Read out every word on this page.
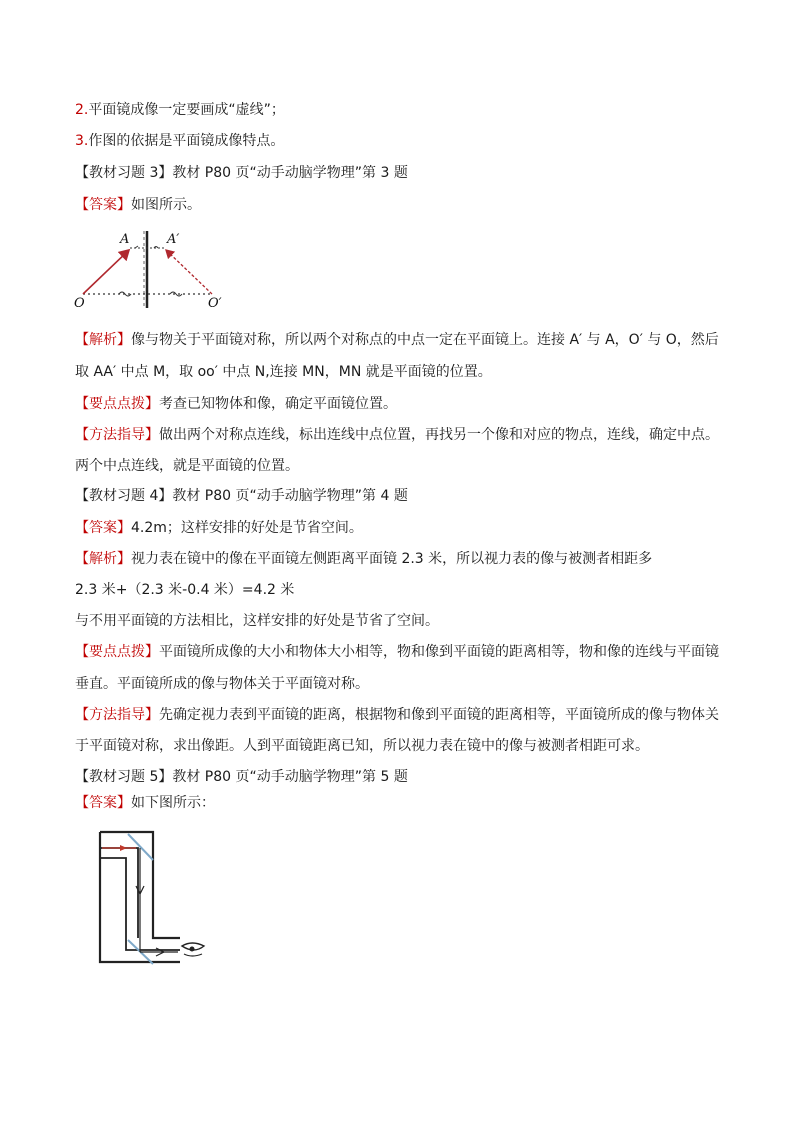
2.平面镜成像一定要画成“虚线”；
3.作图的依据是平面镜成像特点。
【教材习题 3】教材 P80 页“动手动脑学物理”第 3 题
【答案】如图所示。
A	A′
O	O′
【解析】像与物关于平面镜对称，所以两个对称点的中点一定在平面镜上。连接 A′ 与 A，O′ 与 O，然后
取 AA′ 中点 M，取 oo′ 中点 N,连接 MN，MN 就是平面镜的位置。
【要点点拨】考查已知物体和像，确定平面镜位置。
【方法指导】做出两个对称点连线，标出连线中点位置，再找另一个像和对应的物点，连线，确定中点。
两个中点连线，就是平面镜的位置。
【教材习题 4】教材 P80 页“动手动脑学物理”第 4 题
【答案】4.2m；这样安排的好处是节省空间。
【解析】视力表在镜中的像在平面镜左侧距离平面镜 2.3 米，所以视力表的像与被测者相距多
2.3 米+（2.3 米-0.4 米）=4.2 米
与不用平面镜的方法相比，这样安排的好处是节省了空间。
【要点点拨】平面镜所成像的大小和物体大小相等，物和像到平面镜的距离相等，物和像的连线与平面镜
垂直。平面镜所成的像与物体关于平面镜对称。
【方法指导】先确定视力表到平面镜的距离，根据物和像到平面镜的距离相等，平面镜所成的像与物体关
于平面镜对称，求出像距。人到平面镜距离已知，所以视力表在镜中的像与被测者相距可求。
【教材习题 5】教材 P80 页“动手动脑学物理”第 5 题
【答案】如下图所示：
